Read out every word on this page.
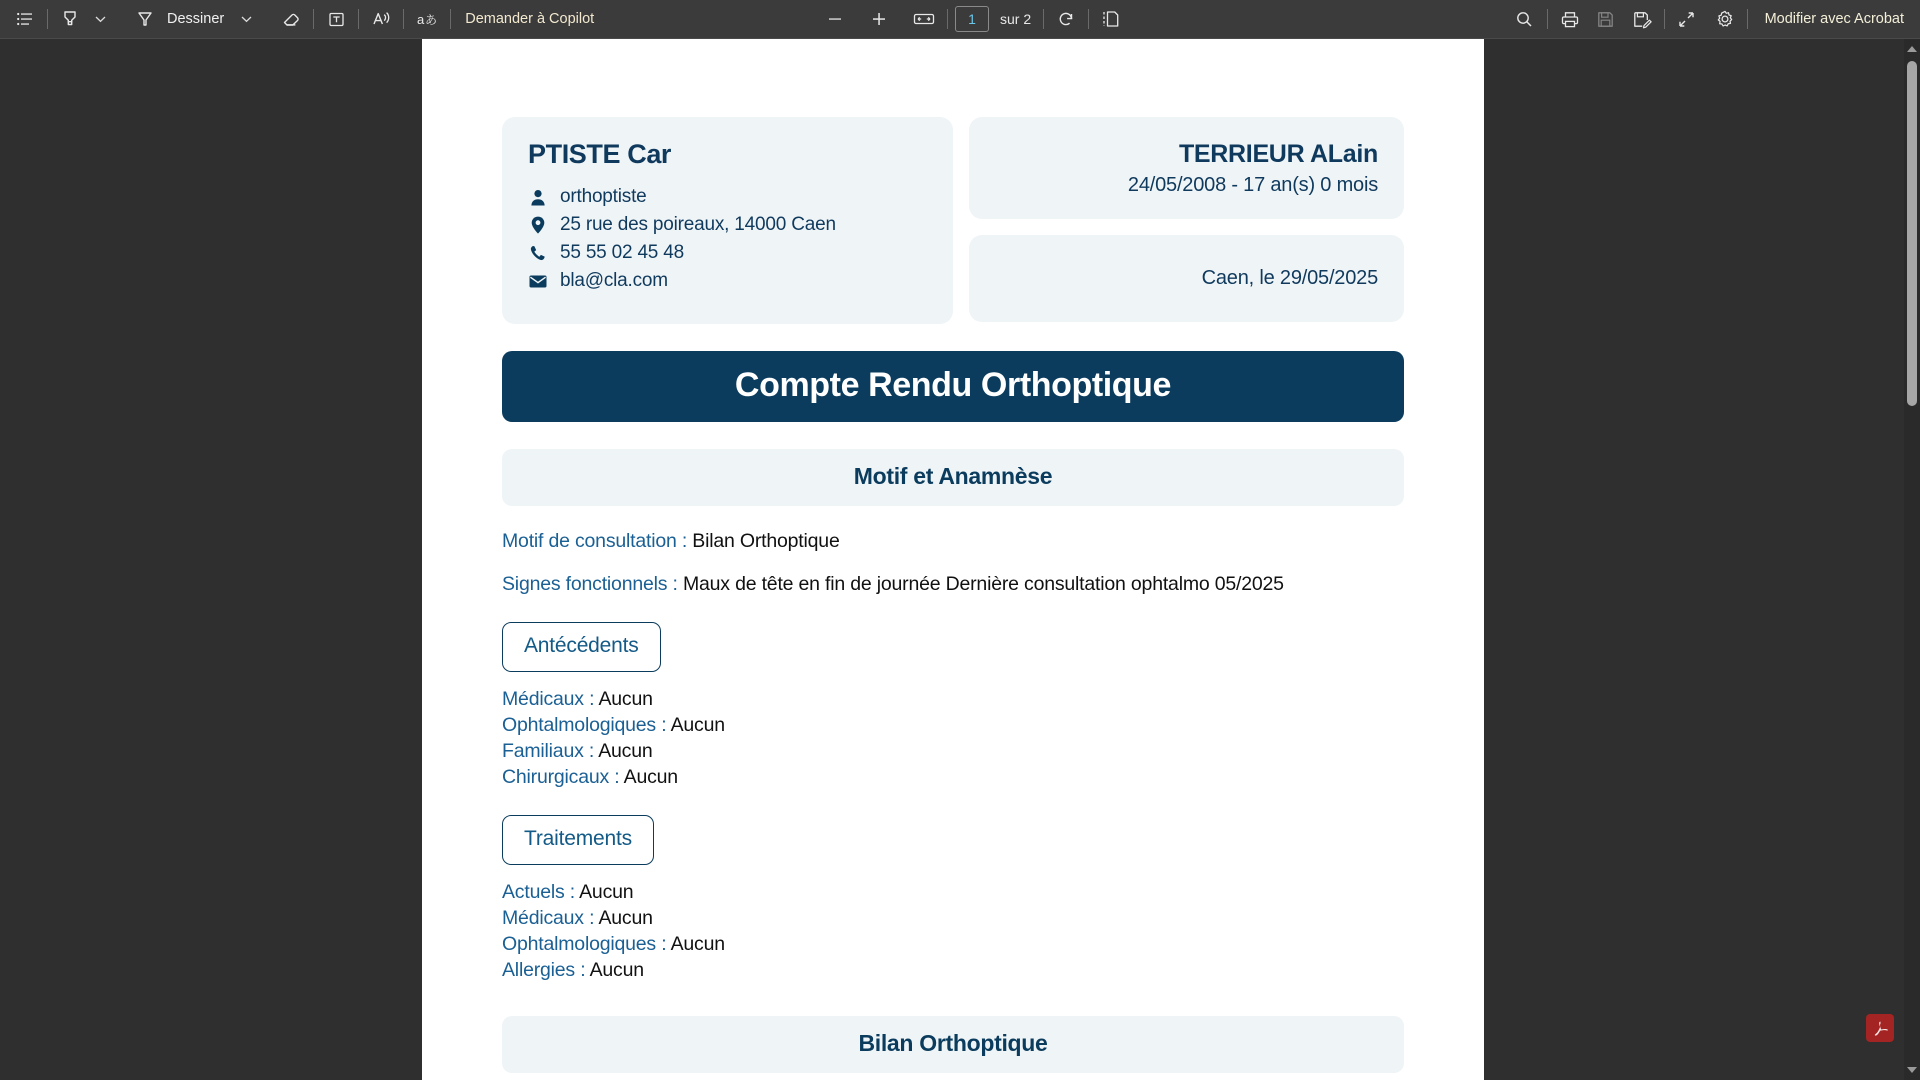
Dessiner	a あ	Demander à Copilot	1	sur 2	Modifier avec Acrobat
PTISTE Car
orthoptiste
25 rue des poireaux, 14000 Caen
55 55 02 45 48
bla@cla.com
TERRIEUR ALain
24/05/2008 - 17 an(s) 0 mois
Caen, le 29/05/2025
Compte Rendu Orthoptique
Motif et Anamnèse
Motif de consultation : Bilan Orthoptique
Signes fonctionnels : Maux de tête en fin de journée Dernière consultation ophtalmo 05/2025
Antécédents
Médicaux : Aucun
Ophtalmologiques : Aucun
Familiaux : Aucun
Chirurgicaux : Aucun
Traitements
Actuels : Aucun
Médicaux : Aucun
Ophtalmologiques : Aucun
Allergies : Aucun
Bilan Orthoptique
